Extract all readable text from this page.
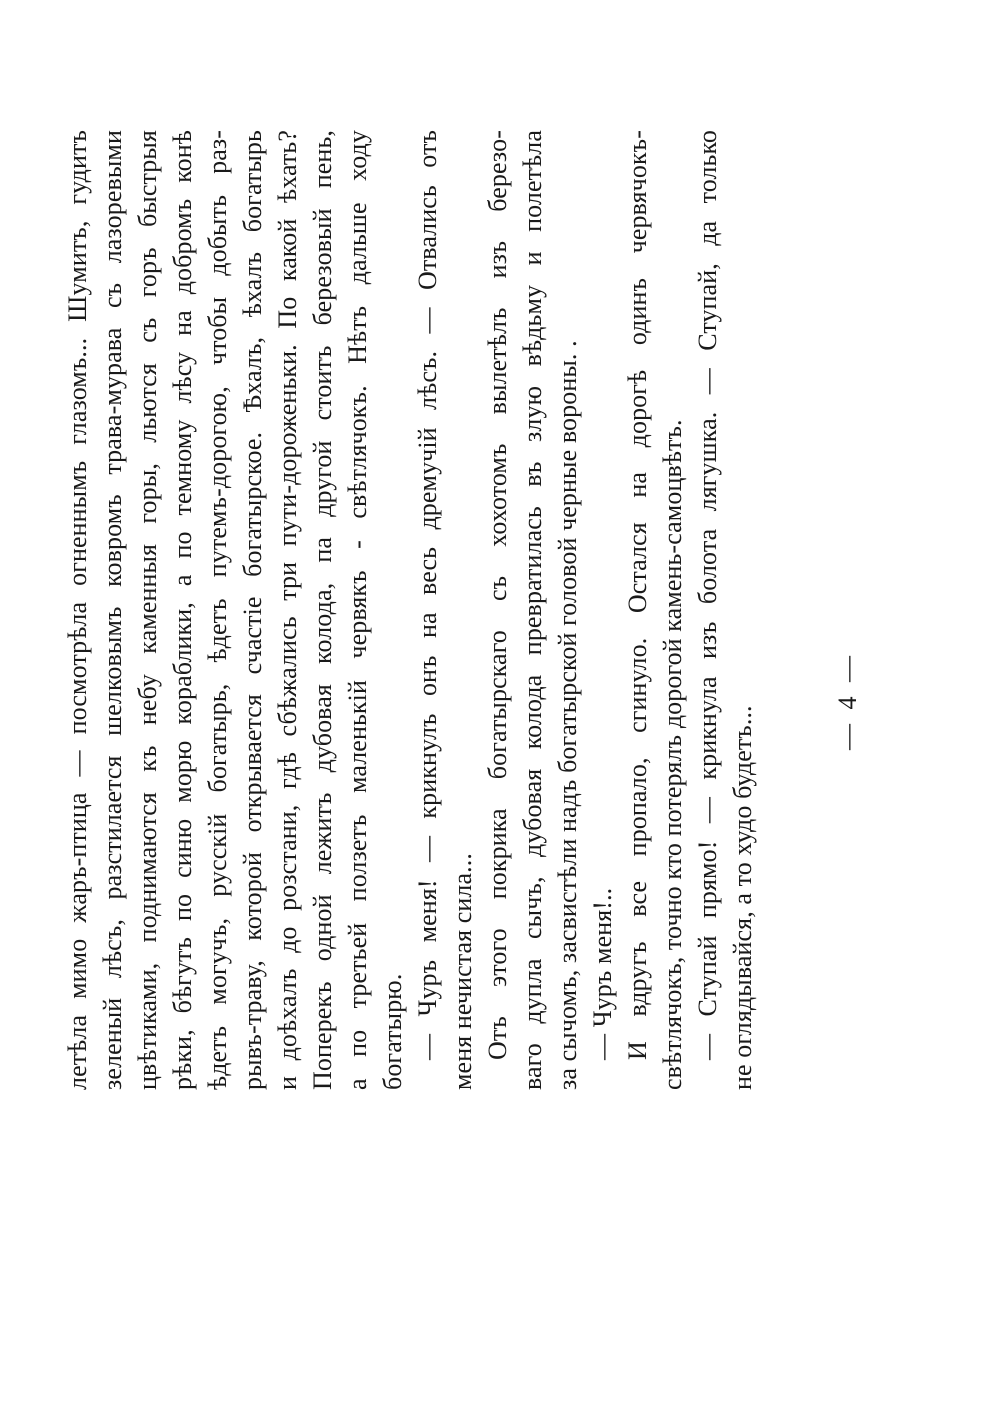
летѣла мимо жаръ-птица — посмотрѣла огненнымъ глазомъ... Шумитъ, гудитъ зеленый лѣсъ, разстилается шелковымъ ковромъ трава-мурава съ лазоревыми цвѣтиками, поднимаются къ небу каменныя горы, льются съ горъ быстрыя рѣки, бѣгутъ по синю морю кораблики, а по темному лѣсу на добромъ конѣ ѣдетъ могучъ, русскій богатырь, ѣдетъ путемъ-дорогою, чтобы добыть раз- рывъ-траву, которой открывается счастіе богатырское. Ѣхалъ, ѣхалъ богатырь и доѣхалъ до розстани, гдѣ сбѣжались три пути-дороженьки. По какой ѣхать? Поперекъ одной лежитъ дубовая колода, па другой стоитъ березовый пень, а по третьей ползетъ маленькій червякъ - свѣтлячокъ. Нѣтъ дальше ходу богатырю. — Чуръ меня! — крикнулъ онъ на весь дремучій лѣсъ. — Отвались отъ меня нечистая сила... Отъ этого покрика богатырскаго съ хохотомъ вылетѣлъ изъ березо- ваго дупла сычъ, дубовая колода превратилась въ злую вѣдьму и полетѣла за сычомъ, засвистѣли надъ богатырской головой черные вороны. . — Чуръ меня!.. И вдругъ все пропало, сгинуло. Остался на дорогѣ одинъ червячокъ- свѣтлячокъ, точно кто потерялъ дорогой камень-самоцвѣтъ. — Ступай прямо! — крикнула изъ болота лягушка. — Ступай, да только не оглядывайся, а то худо будетъ...
— 4 —
